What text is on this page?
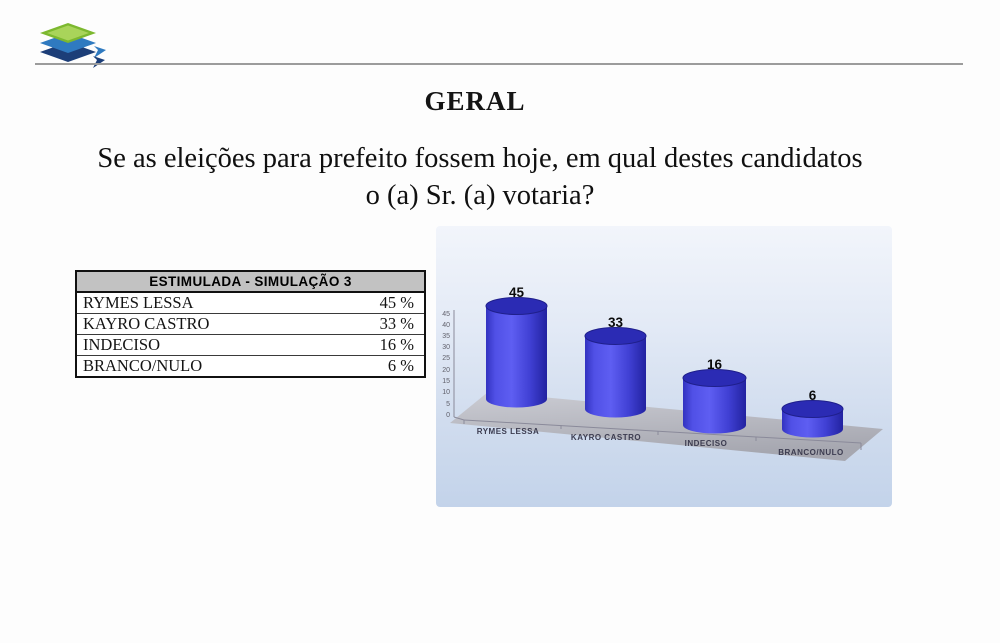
GERAL
Se as eleições para prefeito fossem hoje, em qual destes candidatos
o (a) Sr. (a) votaria?
ESTIMULADA - SIMULAÇÃO 3	
RYMES LESSA	45 %
KAYRO CASTRO	33 %
INDECISO	16 %
BRANCO/NULO	6 %
45
40
35
30
25
20
15
10
5
0
45
33
16
6
RYMES LESSA
KAYRO CASTRO
INDECISO
BRANCO/NULO
